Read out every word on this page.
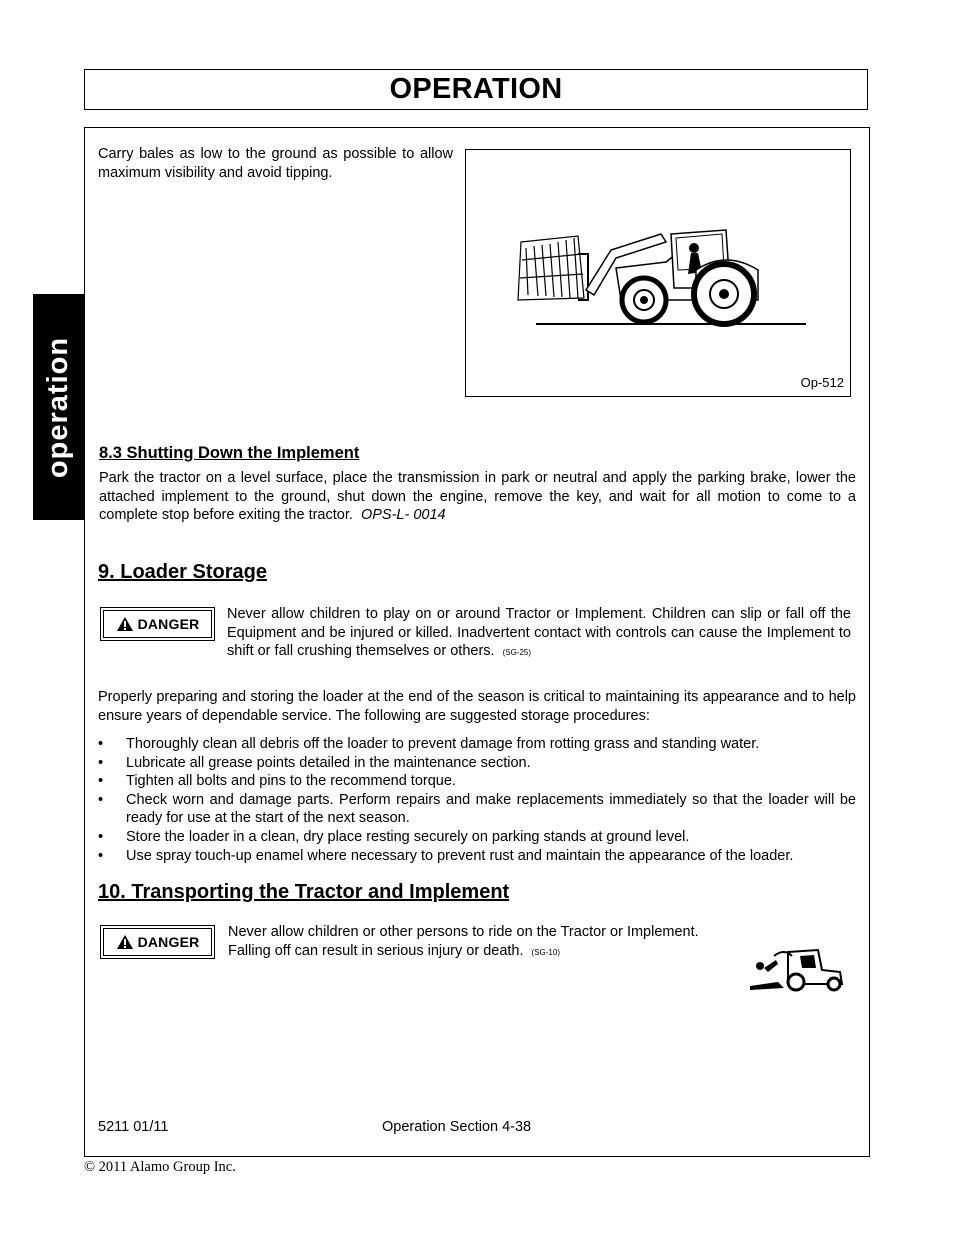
OPERATION
operation
Carry bales as low to the ground as possible to allow maximum visibility and avoid tipping.
Op-512
8.3 Shutting Down the Implement
Park the tractor on a level surface, place the transmission in park or neutral and apply the parking brake, lower the attached implement to the ground, shut down the engine, remove the key, and wait for all motion to come to a complete stop before exiting the tractor. OPS-L- 0014
9. Loader Storage
DANGER
Never allow children to play on or around Tractor or Implement. Children can slip or fall off the Equipment and be injured or killed. Inadvertent contact with controls can cause the Implement to shift or fall crushing themselves or others. (SG-25)
Properly preparing and storing the loader at the end of the season is critical to maintaining its appearance and to help ensure years of dependable service. The following are suggested storage procedures:
• Thoroughly clean all debris off the loader to prevent damage from rotting grass and standing water.
• Lubricate all grease points detailed in the maintenance section.
• Tighten all bolts and pins to the recommend torque.
• Check worn and damage parts. Perform repairs and make replacements immediately so that the loader will be ready for use at the start of the next season.
• Store the loader in a clean, dry place resting securely on parking stands at ground level.
• Use spray touch-up enamel where necessary to prevent rust and maintain the appearance of the loader.
10. Transporting the Tractor and Implement
DANGER
Never allow children or other persons to ride on the Tractor or Implement.
Falling off can result in serious injury or death. (SG-10)
5211 01/11	Operation Section 4-38
© 2011 Alamo Group Inc.
